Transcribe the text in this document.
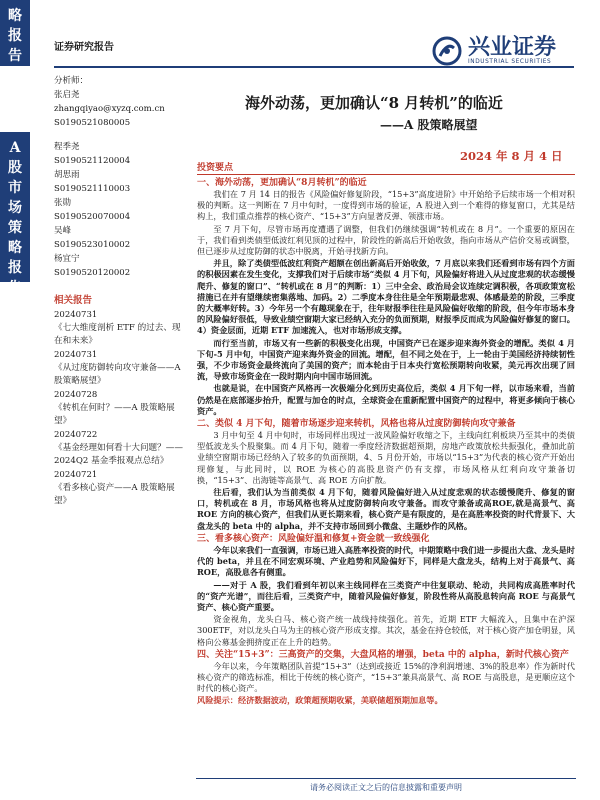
略
报
告
A
股
市
场
策
略
报
告
证券研究报告	兴业证券
INDUSTRIAL SECURITIES
分析师：
张启尧
zhangqiyao@xyzq.com.cn
S0190521080005
程季尧
S0190521120004
胡思雨
S0190521110003
张勋
S0190520070004
吴峰
S0190523010002
杨宜宁
S0190520120002
相关报告
20240731
《七大维度剖析 ETF 的过去、现在和未来》
20240731
《从过度防御转向攻守兼备——A 股策略展望》
20240728
《转机在何时？——A 股策略展望》
20240722
《基金经理如何看十大问题？——2024Q2 基金季报观点总结》
20240721
《看多核心资产——A 股策略展望》
海外动荡，更加确认“8 月转机”的临近
——A 股策略展望
2024 年 8 月 4 日
投资要点
一、海外动荡，更加确认“8月转机”的临近

我们在 7 月 14 日的报告《风险偏好修复阶段，“15+3”高度进阶》中开始给予后续市场一个相对积极的判断。这一判断在 7 月中旬时，一度得到市场的验证，A 股进入到一个难得的修复窗口，尤其是结构上，我们重点推荐的核心资产、“15+3”方向显著反弹、领涨市场。

至 7 月下旬，尽管市场再度遭遇了调整，但我们仍继续强调“转机或在 8 月”。一个重要的原因在于，我们看到类债型低波红利见顶的过程中，阶段性的新高后开始收敛，指向市场从产信价交易或调整，但已逐步从过度防御的状态中脱离，开始寻找新方向。

并且，除了类债型低波红利资产超额在创出新高后开始收敛，7 月底以来我们还看到市场有四个方面的积极因素在发生变化，支撑我们对于后续市场“类似 4 月下旬，风险偏好将进入从过度悲观的状态缓慢爬升、修复的窗口”、“转机或在 8 月”的判断：1）三中全会、政治局会议连续定调积极，各项政策宽松措施已在并有望继续密集落地、加码。2）二季度本身往往是全年预期最悲观、体感最差的阶段，三季度的大概率好转。3）今年另一个有趣现象在于，往年财报季往往是风险偏好收缩的阶段，但今年市场本身的风险偏好很低，导致业绩空窗期大家已经纳入充分的负面预期，财报季反而成为风险偏好修复的窗口。4）资金层面，近期 ETF 加速流入，也对市场形成支撑。

而行至当前，市场又有一些新的积极变化出现，中国资产已在逐步迎来海外资金的增配。类似 4 月下旬-5 月中旬，中国资产迎来海外资金的回流。增配，但不同之处在于，上一轮由于美国经济持续韧性强，不少市场资金最终流向了美国的资产；而本轮由于日本央行宽松预期转向收紧，美元再次出现了回流，导致市场资金在一段时期内向中国市场回流。

也就是说，在中国资产风格再一次极端分化到历史高位后，类似 4 月下旬一样，以市场来看，当前仍然是在底部逐步抬升，配置与加仓的时点，全球资金在重新配置中国资产的过程中，将更多倾向于核心资产。

二、类似 4 月下旬，随着市场逐步迎来转机，风格也将从过度防御转向攻守兼备

3 月中旬至 4 月中旬时，市场同样出现过一波风险偏好收缩之下，主线向红利板块乃至其中的类债型低波龙头个股聚集。而 4 月下旬，随着一季度经济数据超预期，房地产政策放松共振强化，叠加此前业绩空窗期市场已经纳入了较多的负面预期，4、5 月份开始，市场以“15+3”为代表的核心资产开始出现修复，与此同时，以 ROE 为核心的高股息资产仍有支撑，市场风格从红利向攻守兼备切换，“15+3”、出海链等高景气、高 ROE 方向扩散。

往后看，我们认为当前类似 4 月下旬，随着风险偏好进入从过度悲观的状态缓慢爬升、修复的窗口，转机或在 8 月，市场风格也将从过度防御转向攻守兼备。而攻守兼备或高ROE,就是高景气、高 ROE 方向的核心资产，但我们从更长期来看，核心资产是有限度的，是在高胜率投资的时代背景下、大盘龙头的 beta 中的 alpha，并不支持市场回到小微盘、主题炒作的风格。

三、看多核心资产：风险偏好温和修复+资金就一致线强化

今年以来我们一直强调，市场已进入高胜率投资的时代，中期策略中我们进一步提出大盘、龙头是时代的 beta，并且在不同宏观环境、产业趋势和风险偏好下，同样是大盘龙头，结构上对于高景气、高 ROE，高股息各有侧重。

——对于 A 股，我们看到年初以来主线同样在三类资产中往复联动、轮动，共同构成高胜率时代的“资产光谱”，而往后看，三类资产中，随着风险偏好修复，阶段性将从高股息转向高 ROE 与高景气资产、核心资产重要。

资金视角，龙头白马、核心资产统一战线持续强化。首先，近期 ETF 大幅流入，且集中在沪深 300ETF，对以龙头白马为主的核心资产形成支撑。其次，基金在持仓较低，对于核心资产加仓明显，风格向公募基金拥挤度正在上升的趋势。

四、关注“15+3”：三高资产的交集，大盘风格的增强，beta 中的 alpha，新时代核心资产

今年以来，今年策略团队首提“15+3”（达到或接近 15%的净利润增速、3%的股息率）作为新时代核心资产的筛选标准，相比于传统的核心资产，“15+3”兼具高景气、高 ROE 与高股息，是更顺应这个时代的核心资产。

风险提示：经济数据波动，政策超预期收紧，美联储超预期加息等。
请务必阅读正文之后的信息披露和重要声明
